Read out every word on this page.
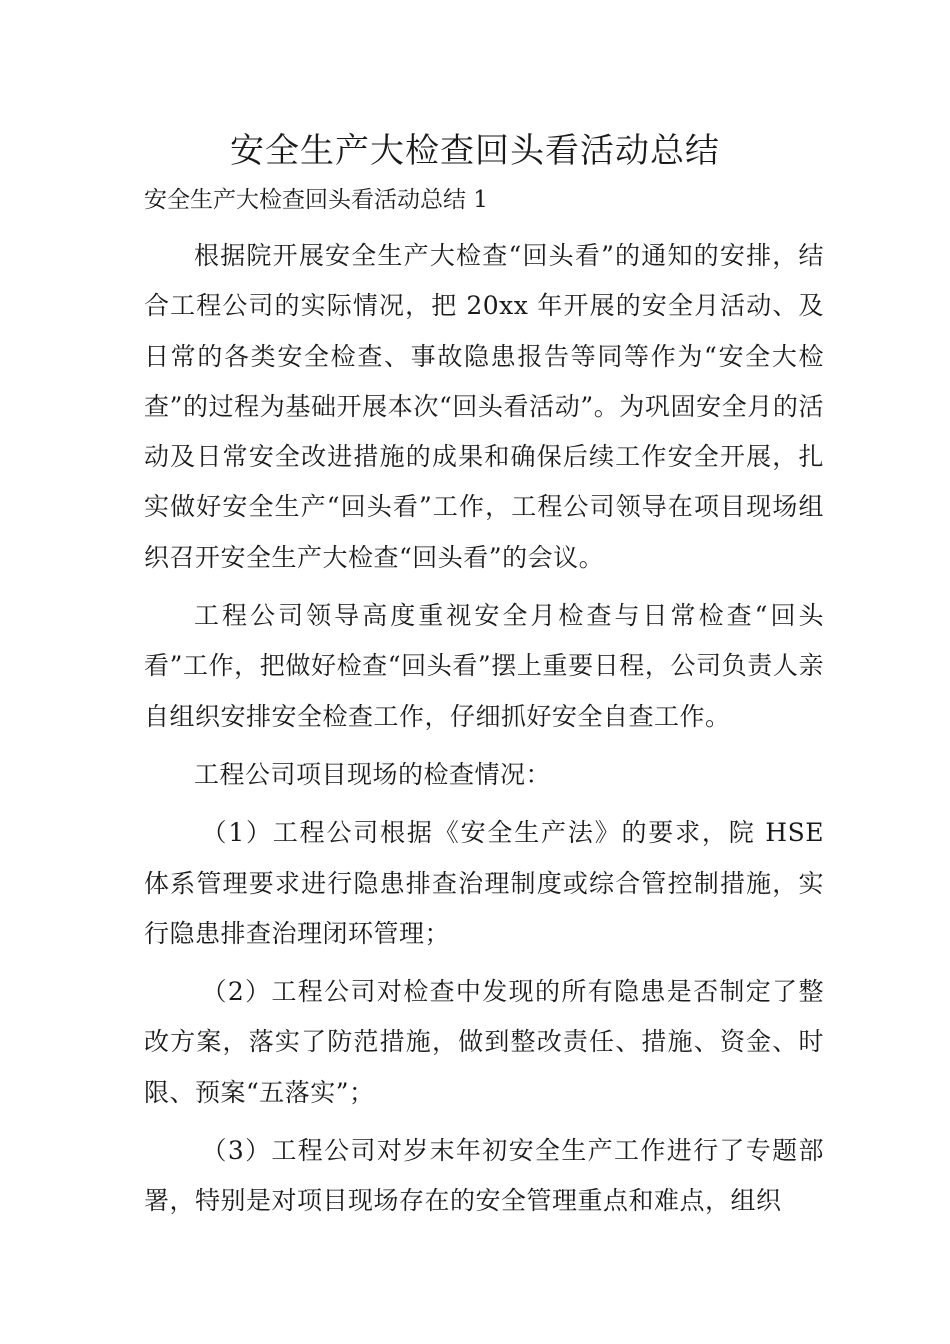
安全生产大检查回头看活动总结
安全生产大检查回头看活动总结 1

根据院开展安全生产大检查“回头看”的通知的安排，结合工程公司的实际情况，把 20xx 年开展的安全月活动、及日常的各类安全检查、事故隐患报告等同等作为“安全大检查”的过程为基础开展本次“回头看活动”。为巩固安全月的活动及日常安全改进措施的成果和确保后续工作安全开展，扎实做好安全生产“回头看”工作，工程公司领导在项目现场组织召开安全生产大检查“回头看”的会议。

工程公司领导高度重视安全月检查与日常检查“回头看”工作，把做好检查“回头看”摆上重要日程，公司负责人亲自组织安排安全检查工作，仔细抓好安全自查工作。

工程公司项目现场的检查情况：

（1）工程公司根据《安全生产法》的要求，院 HSE 体系管理要求进行隐患排查治理制度或综合管控制措施，实行隐患排查治理闭环管理；

（2）工程公司对检查中发现的所有隐患是否制定了整改方案，落实了防范措施，做到整改责任、措施、资金、时限、预案“五落实”；

（3）工程公司对岁末年初安全生产工作进行了专题部署，特别是对项目现场存在的安全管理重点和难点，组织
